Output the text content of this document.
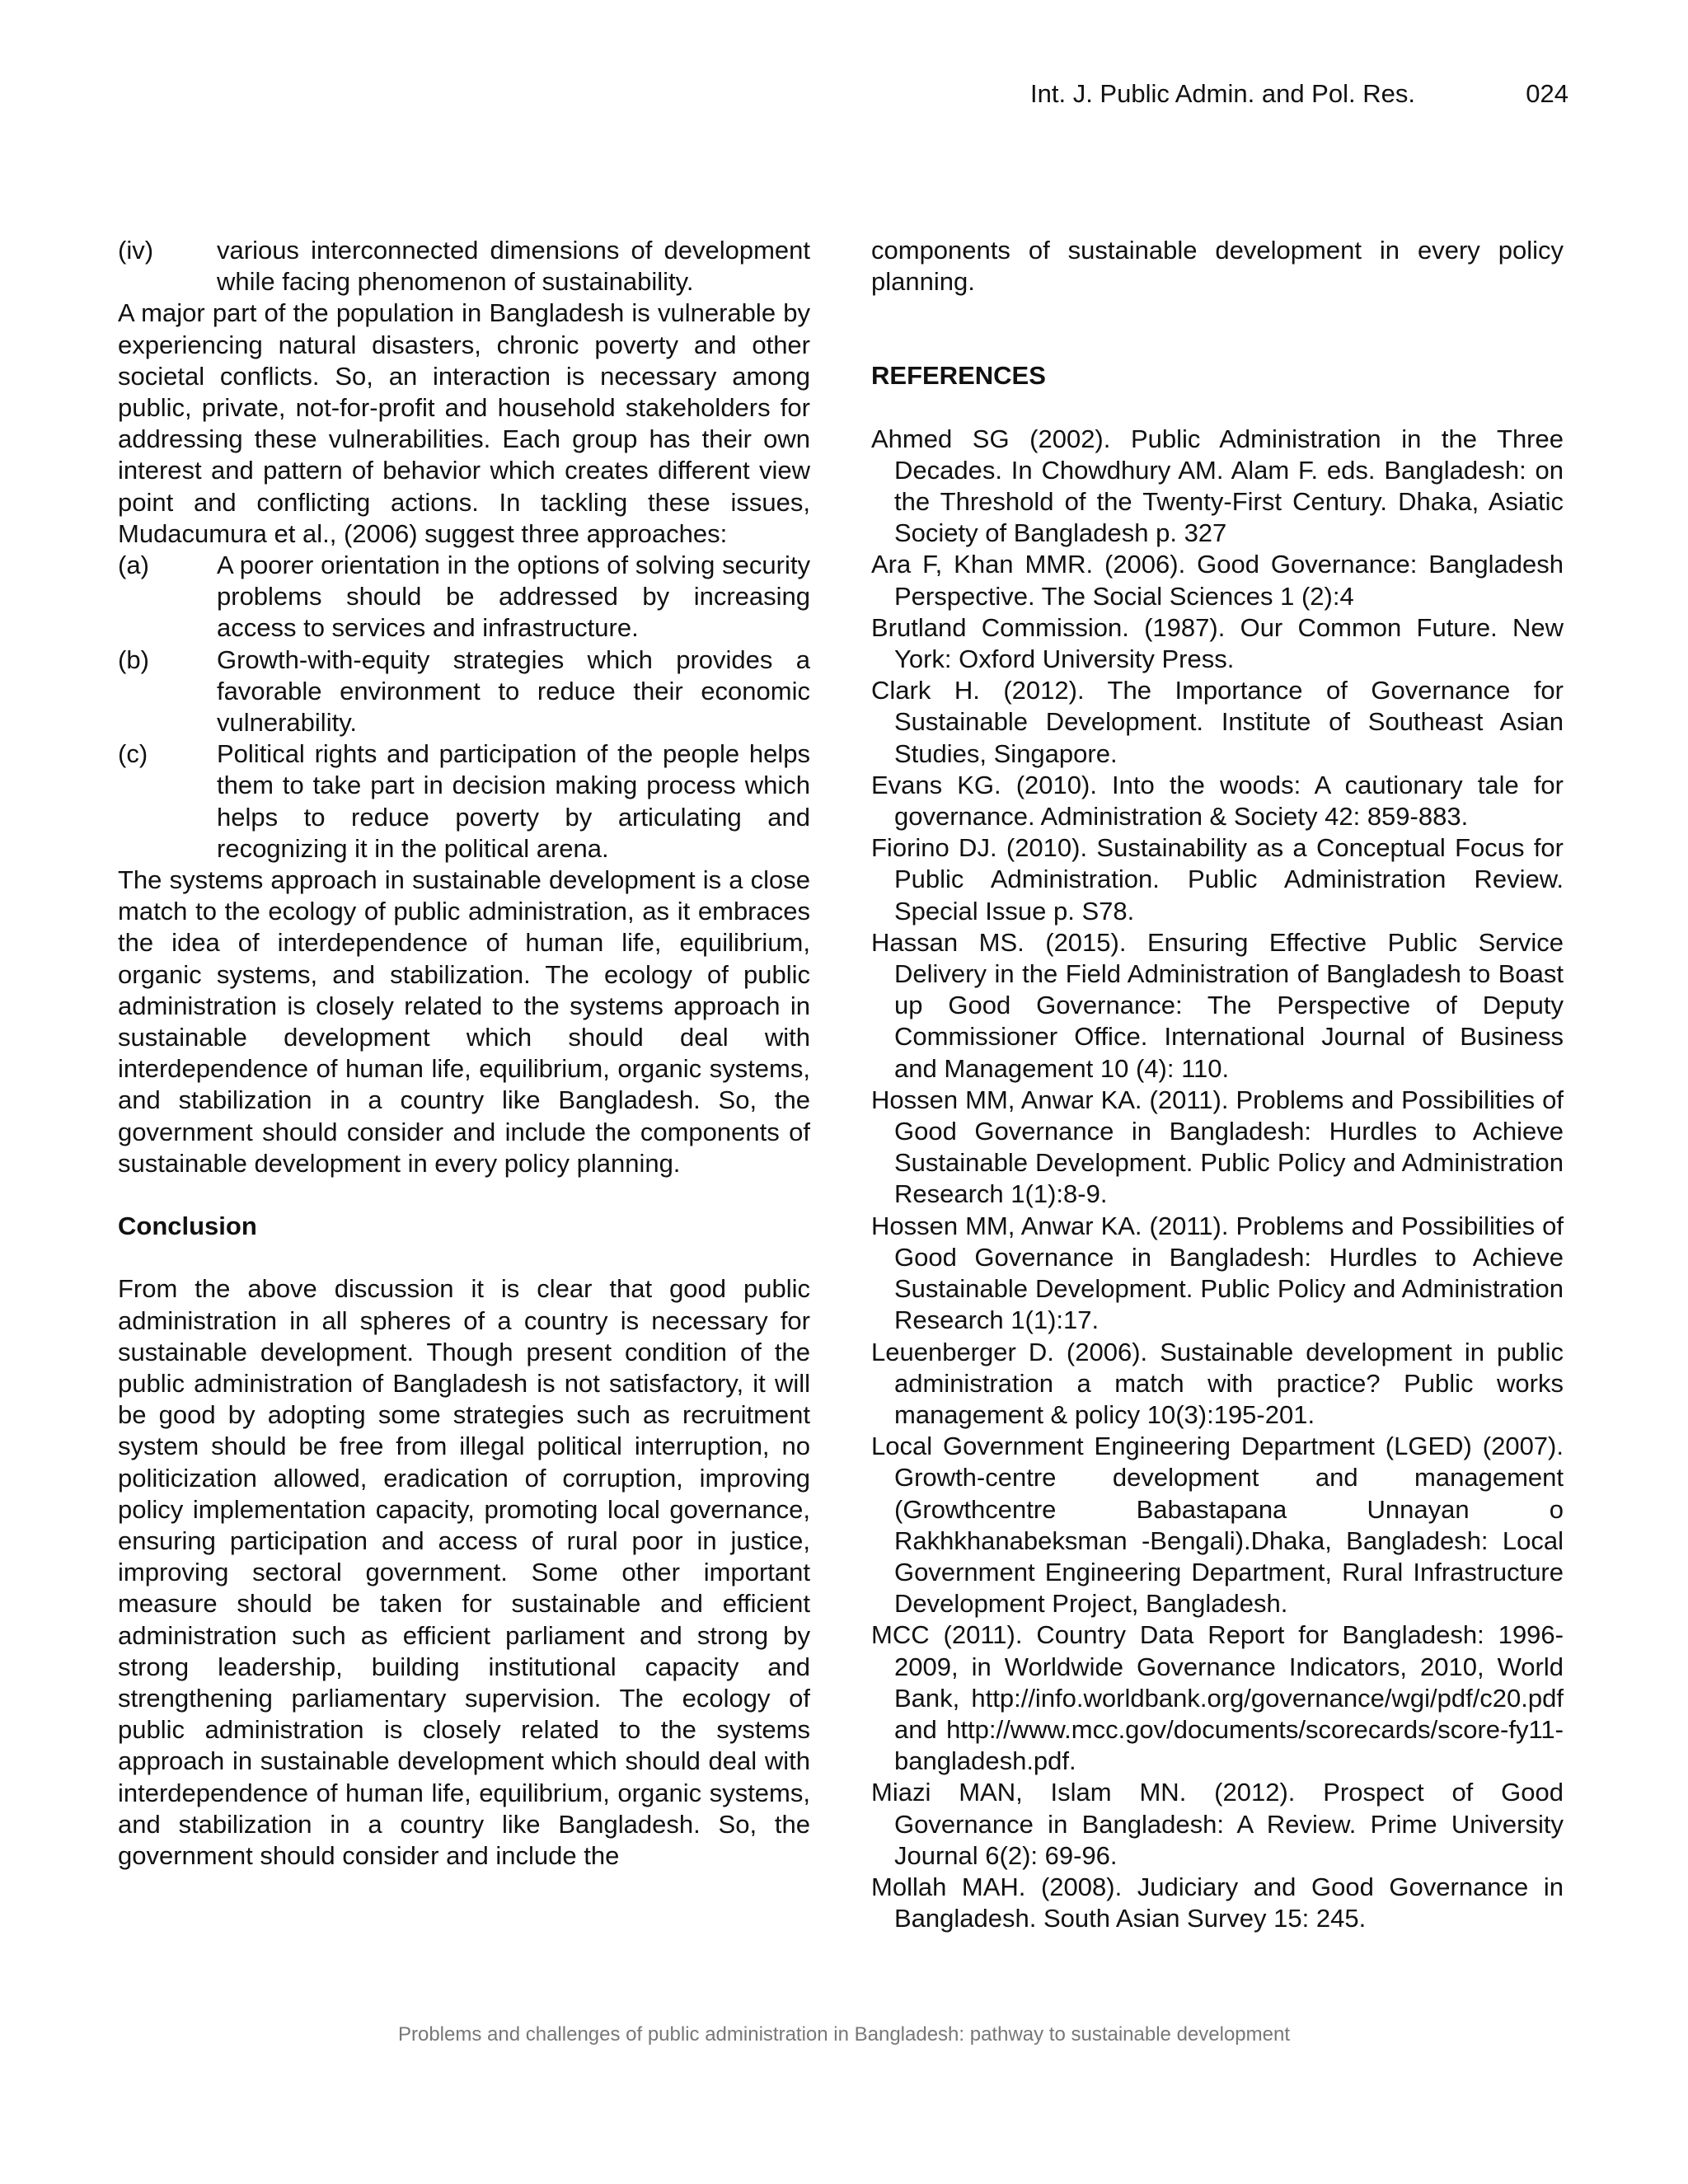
Int. J. Public Admin. and Pol. Res.	024
(iv)	various interconnected dimensions of development while facing phenomenon of sustainability.

A major part of the population in Bangladesh is vulnerable by experiencing natural disasters, chronic poverty and other societal conflicts. So, an interaction is necessary among public, private, not-for-profit and household stakeholders for addressing these vulnerabilities. Each group has their own interest and pattern of behavior which creates different view point and conflicting actions. In tackling these issues, Mudacumura et al., (2006) suggest three approaches:

(a)	A poorer orientation in the options of solving security problems should be addressed by increasing access to services and infrastructure.
(b)	Growth-with-equity strategies which provides a favorable environment to reduce their economic vulnerability.
(c)	Political rights and participation of the people helps them to take part in decision making process which helps to reduce poverty by articulating and recognizing it in the political arena.

The systems approach in sustainable development is a close match to the ecology of public administration, as it embraces the idea of interdependence of human life, equilibrium, organic systems, and stabilization. The ecology of public administration is closely related to the systems approach in sustainable development which should deal with interdependence of human life, equilibrium, organic systems, and stabilization in a country like Bangladesh. So, the government should consider and include the components of sustainable development in every policy planning.

Conclusion

From the above discussion it is clear that good public administration in all spheres of a country is necessary for sustainable development. Though present condition of the public administration of Bangladesh is not satisfactory, it will be good by adopting some strategies such as recruitment system should be free from illegal political interruption, no politicization allowed, eradication of corruption, improving policy implementation capacity, promoting local governance, ensuring participation and access of rural poor in justice, improving sectoral government. Some other important measure should be taken for sustainable and efficient administration such as efficient parliament and strong by strong leadership, building institutional capacity and strengthening parliamentary supervision. The ecology of public administration is closely related to the systems approach in sustainable development which should deal with interdependence of human life, equilibrium, organic systems, and stabilization in a country like Bangladesh. So, the government should consider and include the

components of sustainable development in every policy planning.

REFERENCES

Ahmed SG (2002). Public Administration in the Three Decades. In Chowdhury AM. Alam F. eds. Bangladesh: on the Threshold of the Twenty-First Century. Dhaka, Asiatic Society of Bangladesh p. 327

Ara F, Khan MMR. (2006). Good Governance: Bangladesh Perspective. The Social Sciences 1 (2):4

Brutland Commission. (1987). Our Common Future. New York: Oxford University Press.

Clark H. (2012). The Importance of Governance for Sustainable Development. Institute of Southeast Asian Studies, Singapore.

Evans KG. (2010). Into the woods: A cautionary tale for governance. Administration & Society 42: 859-883.

Fiorino DJ. (2010). Sustainability as a Conceptual Focus for Public Administration. Public Administration Review. Special Issue p. S78.

Hassan MS. (2015). Ensuring Effective Public Service Delivery in the Field Administration of Bangladesh to Boast up Good Governance: The Perspective of Deputy Commissioner Office. International Journal of Business and Management 10 (4): 110.

Hossen MM, Anwar KA. (2011). Problems and Possibilities of Good Governance in Bangladesh: Hurdles to Achieve Sustainable Development. Public Policy and Administration Research 1(1):8-9.

Hossen MM, Anwar KA. (2011). Problems and Possibilities of Good Governance in Bangladesh: Hurdles to Achieve Sustainable Development. Public Policy and Administration Research 1(1):17.

Leuenberger D. (2006). Sustainable development in public administration a match with practice? Public works management & policy 10(3):195-201.

Local Government Engineering Department (LGED) (2007). Growth-centre development and management (Growthcentre Babastapana Unnayan o Rakhkhanabeksman -Bengali).Dhaka, Bangladesh: Local Government Engineering Department, Rural Infrastructure Development Project, Bangladesh.

MCC (2011). Country Data Report for Bangladesh: 1996-2009, in Worldwide Governance Indicators, 2010, World Bank, http://info.worldbank.org/governance/wgi/pdf/c20.pdf and http://www.mcc.gov/documents/scorecards/score-fy11-bangladesh.pdf.

Miazi MAN, Islam MN. (2012). Prospect of Good Governance in Bangladesh: A Review. Prime University Journal 6(2): 69-96.

Mollah MAH. (2008). Judiciary and Good Governance in Bangladesh. South Asian Survey 15: 245.

Problems and challenges of public administration in Bangladesh: pathway to sustainable development
